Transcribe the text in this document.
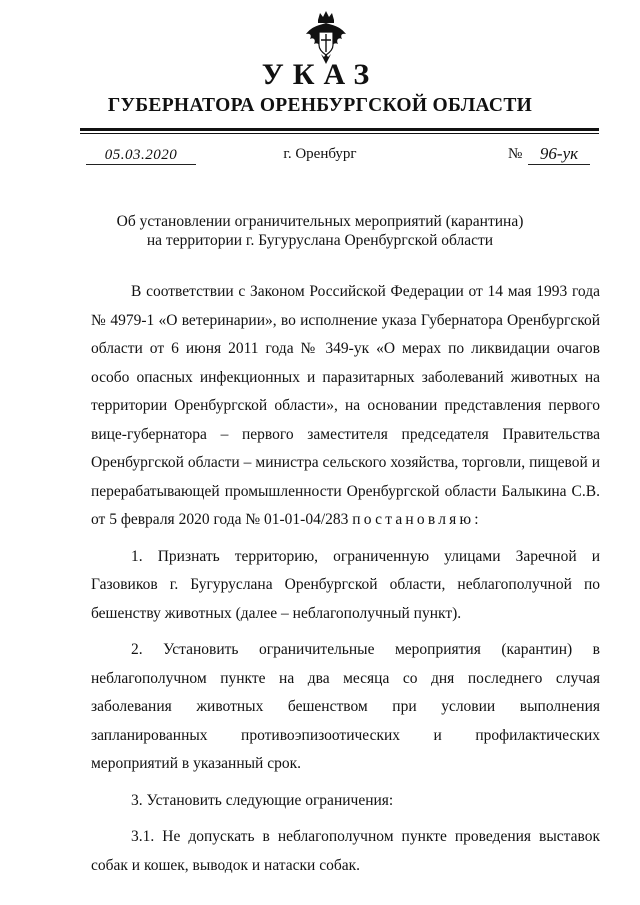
УКАЗ
ГУБЕРНАТОРА ОРЕНБУРГСКОЙ ОБЛАСТИ
05.03.2020	г. Оренбург	№	96-ук
Об установлении ограничительных мероприятий (карантина)
на территории г. Бугуруслана Оренбургской области

В соответствии с Законом Российской Федерации от 14 мая 1993 года № 4979-1 «О ветеринарии», во исполнение указа Губернатора Оренбургской области от 6 июня 2011 года № 349-ук «О мерах по ликвидации очагов особо опасных инфекционных и паразитарных заболеваний животных на территории Оренбургской области», на основании представления первого вице-губернатора – первого заместителя председателя Правительства Оренбургской области – министра сельского хозяйства, торговли, пищевой и перерабатывающей промышленности Оренбургской области Балыкина С.В. от 5 февраля 2020 года № 01-01-04/283 постановляю:

1. Признать территорию, ограниченную улицами Заречной и Газовиков г. Бугуруслана Оренбургской области, неблагополучной по бешенству животных (далее – неблагополучный пункт).

2. Установить ограничительные мероприятия (карантин) в неблагополучном пункте на два месяца со дня последнего случая заболевания животных бешенством при условии выполнения запланированных противоэпизоотических и профилактических мероприятий в указанный срок.

3. Установить следующие ограничения:

3.1. Не допускать в неблагополучном пункте проведения выставок собак и кошек, выводок и натаски собак.
